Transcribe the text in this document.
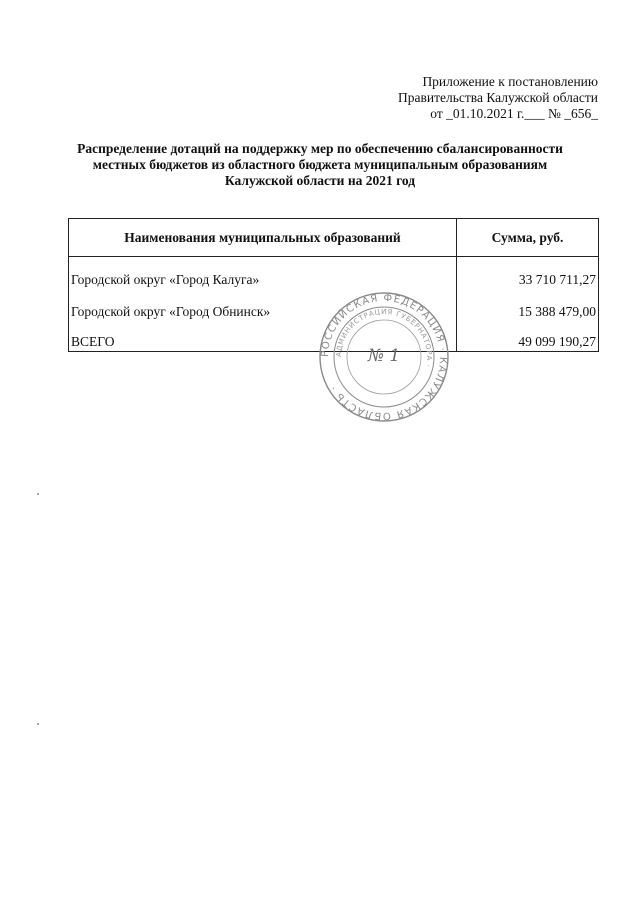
Приложение к постановлению
Правительства Калужской области
от _01.10.2021 г.___ № _656_
Распределение дотаций на поддержку мер по обеспечению сбалансированности
местных бюджетов из областного бюджета муниципальным образованиям
Калужской области на 2021 год
Наименования муниципальных образований	Сумма, руб.
Городской округ «Город Калуга»	33 710 711,27
Городской округ «Город Обнинск»	15 388 479,00
ВСЕГО	49 099 190,27
РОССИЙСКАЯ ФЕДЕРАЦИЯ · КАЛУЖСКАЯ ОБЛАСТЬ ·
АДМИНИСТРАЦИЯ ГУБЕРНАТОРА ·
№ 1
